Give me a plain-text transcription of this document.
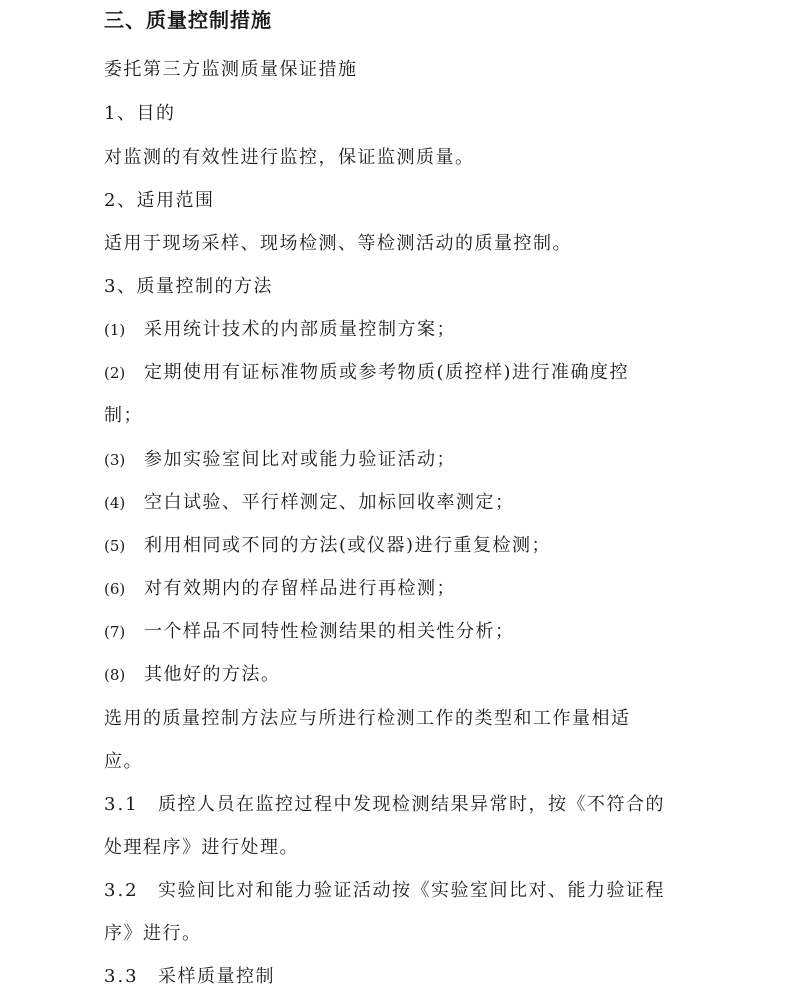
三、质量控制措施
委托第三方监测质量保证措施
1、目的
对监测的有效性进行监控，保证监测质量。
2、适用范围
适用于现场采样、现场检测、等检测活动的质量控制。
3、质量控制的方法
(1) 采用统计技术的内部质量控制方案；
(2) 定期使用有证标准物质或参考物质(质控样)进行准确度控
制；
(3) 参加实验室间比对或能力验证活动；
(4) 空白试验、平行样测定、加标回收率测定；
(5) 利用相同或不同的方法(或仪器)进行重复检测；
(6) 对有效期内的存留样品进行再检测；
(7) 一个样品不同特性检测结果的相关性分析；
(8) 其他好的方法。
选用的质量控制方法应与所进行检测工作的类型和工作量相适
应。
3.1 质控人员在监控过程中发现检测结果异常时，按《不符合的
处理程序》进行处理。
3.2 实验间比对和能力验证活动按《实验室间比对、能力验证程
序》进行。
3.3 采样质量控制
